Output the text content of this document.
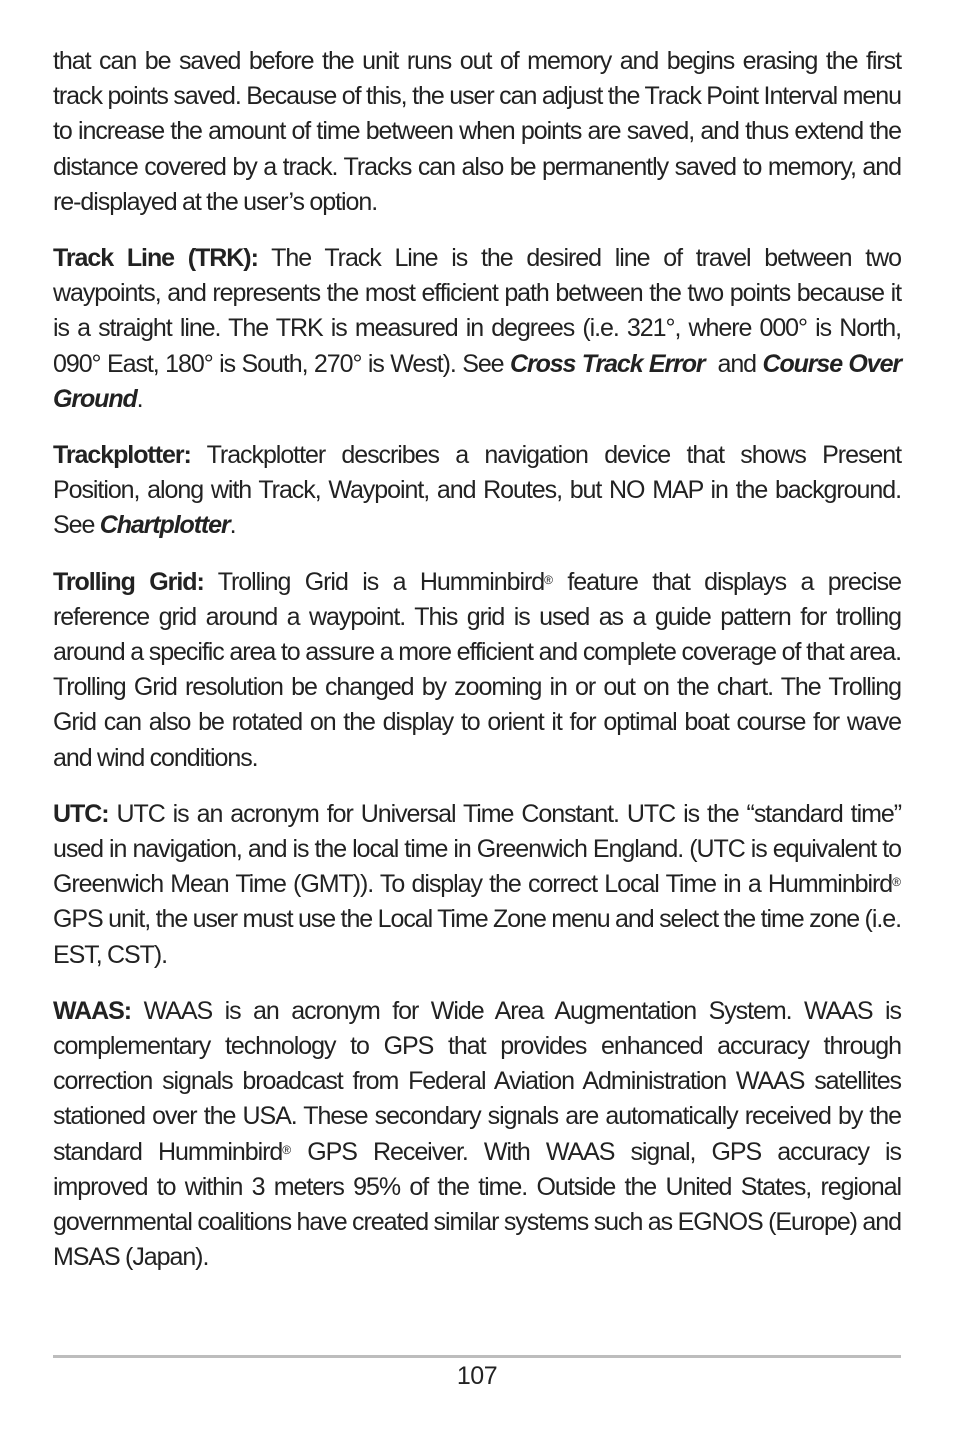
that can be saved before the unit runs out of memory and begins erasing the first track points saved. Because of this, the user can adjust the Track Point Interval menu to increase the amount of time between when points are saved, and thus extend the distance covered by a track. Tracks can also be permanently saved to memory, and re-displayed at the user’s option.

Track Line (TRK): The Track Line is the desired line of travel between two waypoints, and represents the most efficient path between the two points because it is a straight line. The TRK is measured in degrees (i.e. 321°, where 000° is North, 090° East, 180° is South, 270° is West). See Cross Track Error  and Course Over Ground.

Trackplotter: Trackplotter describes a navigation device that shows Present Position, along with Track, Waypoint, and Routes, but NO MAP in the background. See Chartplotter.

Trolling Grid: Trolling Grid is a Humminbird® feature that displays a precise reference grid around a waypoint. This grid is used as a guide pattern for trolling around a specific area to assure a more efficient and complete coverage of that area. Trolling Grid resolution be changed by zooming in or out on the chart. The Trolling Grid can also be rotated on the display to orient it for optimal boat course for wave and wind conditions.

UTC: UTC is an acronym for Universal Time Constant. UTC is the “standard time” used in navigation, and is the local time in Greenwich England. (UTC is equivalent to Greenwich Mean Time (GMT)). To display the correct Local Time in a Humminbird® GPS unit, the user must use the Local Time Zone menu and select the time zone (i.e. EST, CST).

WAAS: WAAS is an acronym for Wide Area Augmentation System. WAAS is complementary technology to GPS that provides enhanced accuracy through correction signals broadcast from Federal Aviation Administration WAAS satellites stationed over the USA. These secondary signals are automatically received by the standard Humminbird® GPS Receiver. With WAAS signal, GPS accuracy is improved to within 3 meters 95% of the time. Outside the United States, regional governmental coalitions have created similar systems such as EGNOS (Europe) and MSAS (Japan).

107
